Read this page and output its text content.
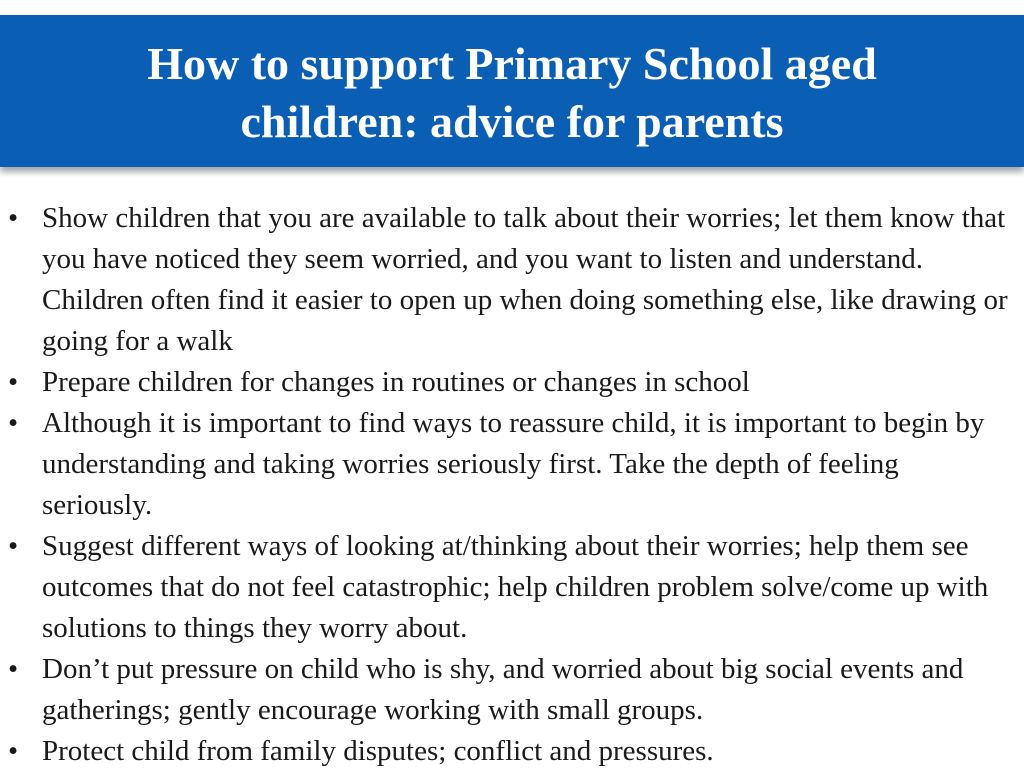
How to support Primary School aged
children: advice for parents
• Show children that you are available to talk about their worries; let them know that you have noticed they seem worried, and you want to listen and understand. Children often find it easier to open up when doing something else, like drawing or going for a walk
• Prepare children for changes in routines or changes in school
• Although it is important to find ways to reassure child, it is important to begin by understanding and taking worries seriously first. Take the depth of feeling seriously.
• Suggest different ways of looking at/thinking about their worries; help them see outcomes that do not feel catastrophic; help children problem solve/come up with solutions to things they worry about.
• Don’t put pressure on child who is shy, and worried about big social events and gatherings; gently encourage working with small groups.
• Protect child from family disputes; conflict and pressures.
